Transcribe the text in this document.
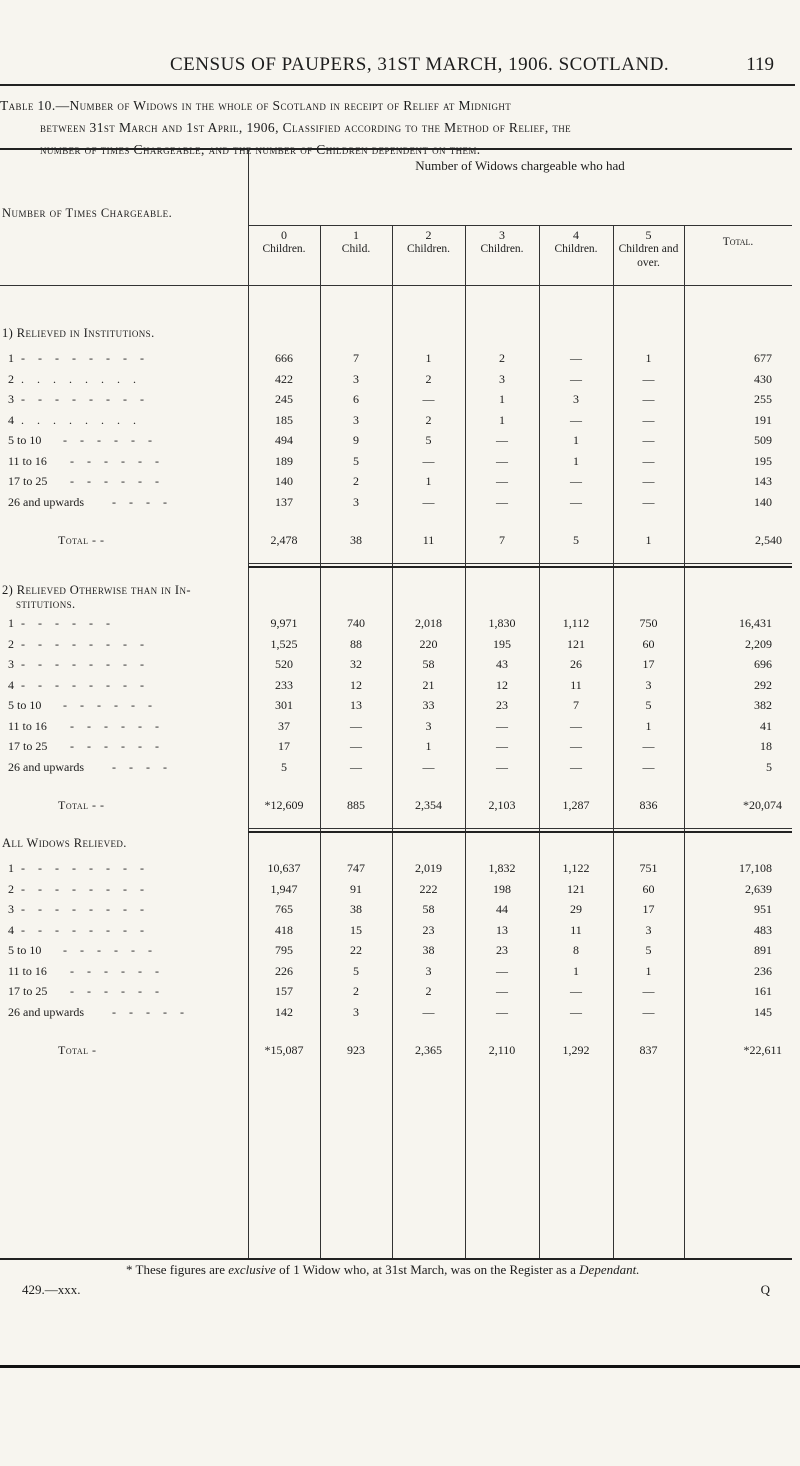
CENSUS OF PAUPERS, 31ST MARCH, 1906. SCOTLAND.	119
Table 10.—Number of Widows in the whole of Scotland in receipt of Relief at Midnight
between 31st March and 1st April, 1906, Classified according to the Method of Relief, the
number of times Chargeable, and the number of Children dependent on them.
Number of Widows chargeable who had
Number of Times Chargeable.
0
Children.
1
Child.
2
Children.
3
Children.
4
Children.
5
Children and over.
Total.
1) Relieved in Institutions.
1 - - - - - - - -	666	7	1	2	—	1	677
2 . . . . . . . .	422	3	2	3	—	—	430
3 - - - - - - - -	245	6	—	1	3	—	255
4 . . . . . . . .	185	3	2	1	—	—	191
5 to 10 - - - - - -	494	9	5	—	1	—	509
11 to 16 - - - - - -	189	5	—	—	1	—	195
17 to 25 - - - - - -	140	2	1	—	—	—	143
26 and upwards - - - -	137	3	—	—	—	—	140
Total - -	2,478	38	11	7	5	1	2,540
2) Relieved Otherwise than in In-
stitutions.
1 - - - - - -	9,971	740	2,018	1,830	1,112	750	16,431
2 - - - - - - - -	1,525	88	220	195	121	60	2,209
3 - - - - - - - -	520	32	58	43	26	17	696
4 - - - - - - - -	233	12	21	12	11	3	292
5 to 10 - - - - - -	301	13	33	23	7	5	382
11 to 16 - - - - - -	37	—	3	—	—	1	41
17 to 25 - - - - - -	17	—	1	—	—	—	18
26 and upwards - - - -	5	—	—	—	—	—	5
Total - -	*12,609	885	2,354	2,103	1,287	836	*20,074
All Widows Relieved.
1 - - - - - - - -	10,637	747	2,019	1,832	1,122	751	17,108
2 - - - - - - - -	1,947	91	222	198	121	60	2,639
3 - - - - - - - -	765	38	58	44	29	17	951
4 - - - - - - - -	418	15	23	13	11	3	483
5 to 10 - - - - - -	795	22	38	23	8	5	891
11 to 16 - - - - - -	226	5	3	—	1	1	236
17 to 25 - - - - - -	157	2	2	—	—	—	161
26 and upwards - - - - -	142	3	—	—	—	—	145
Total -	*15,087	923	2,365	2,110	1,292	837	*22,611
* These figures are exclusive of 1 Widow who, at 31st March, was on the Register as a Dependant.
429.—xxx.	Q
